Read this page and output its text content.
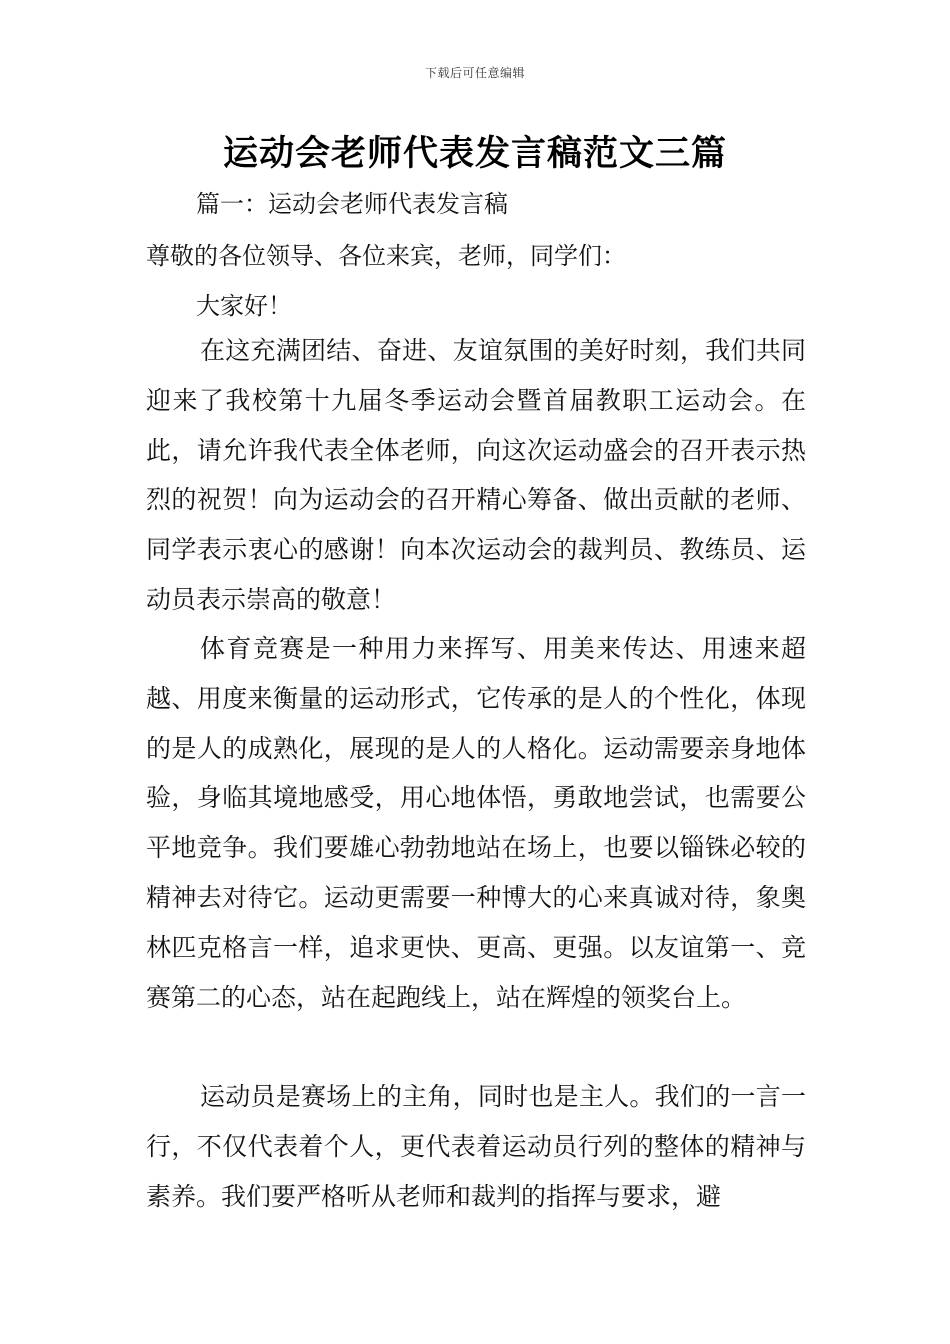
下载后可任意编辑
运动会老师代表发言稿范文三篇
篇一：运动会老师代表发言稿
尊敬的各位领导、各位来宾，老师，同学们：
大家好！

在这充满团结、奋进、友谊氛围的美好时刻，我们共同迎来了我校第十九届冬季运动会暨首届教职工运动会。在此，请允许我代表全体老师，向这次运动盛会的召开表示热烈的祝贺！向为运动会的召开精心筹备、做出贡献的老师、同学表示衷心的感谢！向本次运动会的裁判员、教练员、运动员表示崇高的敬意！

体育竞赛是一种用力来挥写、用美来传达、用速来超越、用度来衡量的运动形式，它传承的是人的个性化，体现的是人的成熟化，展现的是人的人格化。运动需要亲身地体验，身临其境地感受，用心地体悟，勇敢地尝试，也需要公平地竞争。我们要雄心勃勃地站在场上，也要以锱铢必较的精神去对待它。运动更需要一种博大的心来真诚对待，象奥林匹克格言一样，追求更快、更高、更强。以友谊第一、竞赛第二的心态，站在起跑线上，站在辉煌的领奖台上。

运动员是赛场上的主角，同时也是主人。我们的一言一行，不仅代表着个人，更代表着运动员行列的整体的精神与素养。我们要严格听从老师和裁判的指挥与要求，避
